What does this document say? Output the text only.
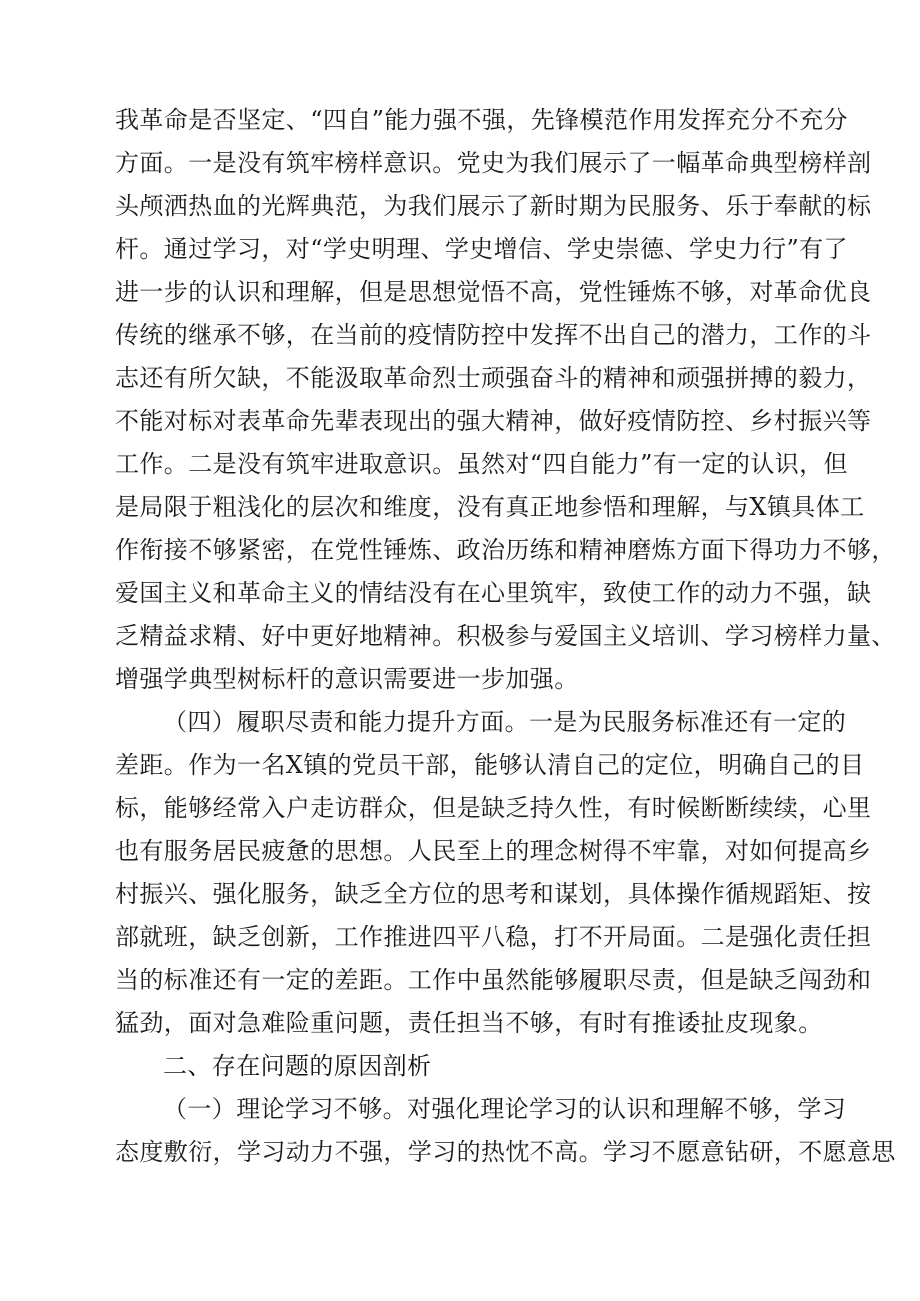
我革命是否坚定、“四自”能力强不强，先锋模范作用发挥充分不充分
方面。一是没有筑牢榜样意识。党史为我们展示了一幅革命典型榜样剖
头颅洒热血的光辉典范，为我们展示了新时期为民服务、乐于奉献的标
杆。通过学习，对“学史明理、学史增信、学史崇德、学史力行”有了
进一步的认识和理解，但是思想觉悟不高，党性锤炼不够，对革命优良
传统的继承不够，在当前的疫情防控中发挥不出自己的潜力，工作的斗
志还有所欠缺，不能汲取革命烈士顽强奋斗的精神和顽强拼搏的毅力，
不能对标对表革命先辈表现出的强大精神，做好疫情防控、乡村振兴等
工作。二是没有筑牢进取意识。虽然对“四自能力”有一定的认识，但
是局限于粗浅化的层次和维度，没有真正地参悟和理解，与X镇具体工
作衔接不够紧密，在党性锤炼、政治历练和精神磨炼方面下得功力不够，
爱国主义和革命主义的情结没有在心里筑牢，致使工作的动力不强，缺
乏精益求精、好中更好地精神。积极参与爱国主义培训、学习榜样力量、
增强学典型树标杆的意识需要进一步加强。
（四）履职尽责和能力提升方面。一是为民服务标准还有一定的
差距。作为一名X镇的党员干部，能够认清自己的定位，明确自己的目
标，能够经常入户走访群众，但是缺乏持久性，有时候断断续续，心里
也有服务居民疲惫的思想。人民至上的理念树得不牢靠，对如何提高乡
村振兴、强化服务，缺乏全方位的思考和谋划，具体操作循规蹈矩、按
部就班，缺乏创新，工作推进四平八稳，打不开局面。二是强化责任担
当的标准还有一定的差距。工作中虽然能够履职尽责，但是缺乏闯劲和
猛劲，面对急难险重问题，责任担当不够，有时有推诿扯皮现象。
二、存在问题的原因剖析
（一）理论学习不够。对强化理论学习的认识和理解不够，学习
态度敷衍，学习动力不强，学习的热忱不高。学习不愿意钻研，不愿意思
